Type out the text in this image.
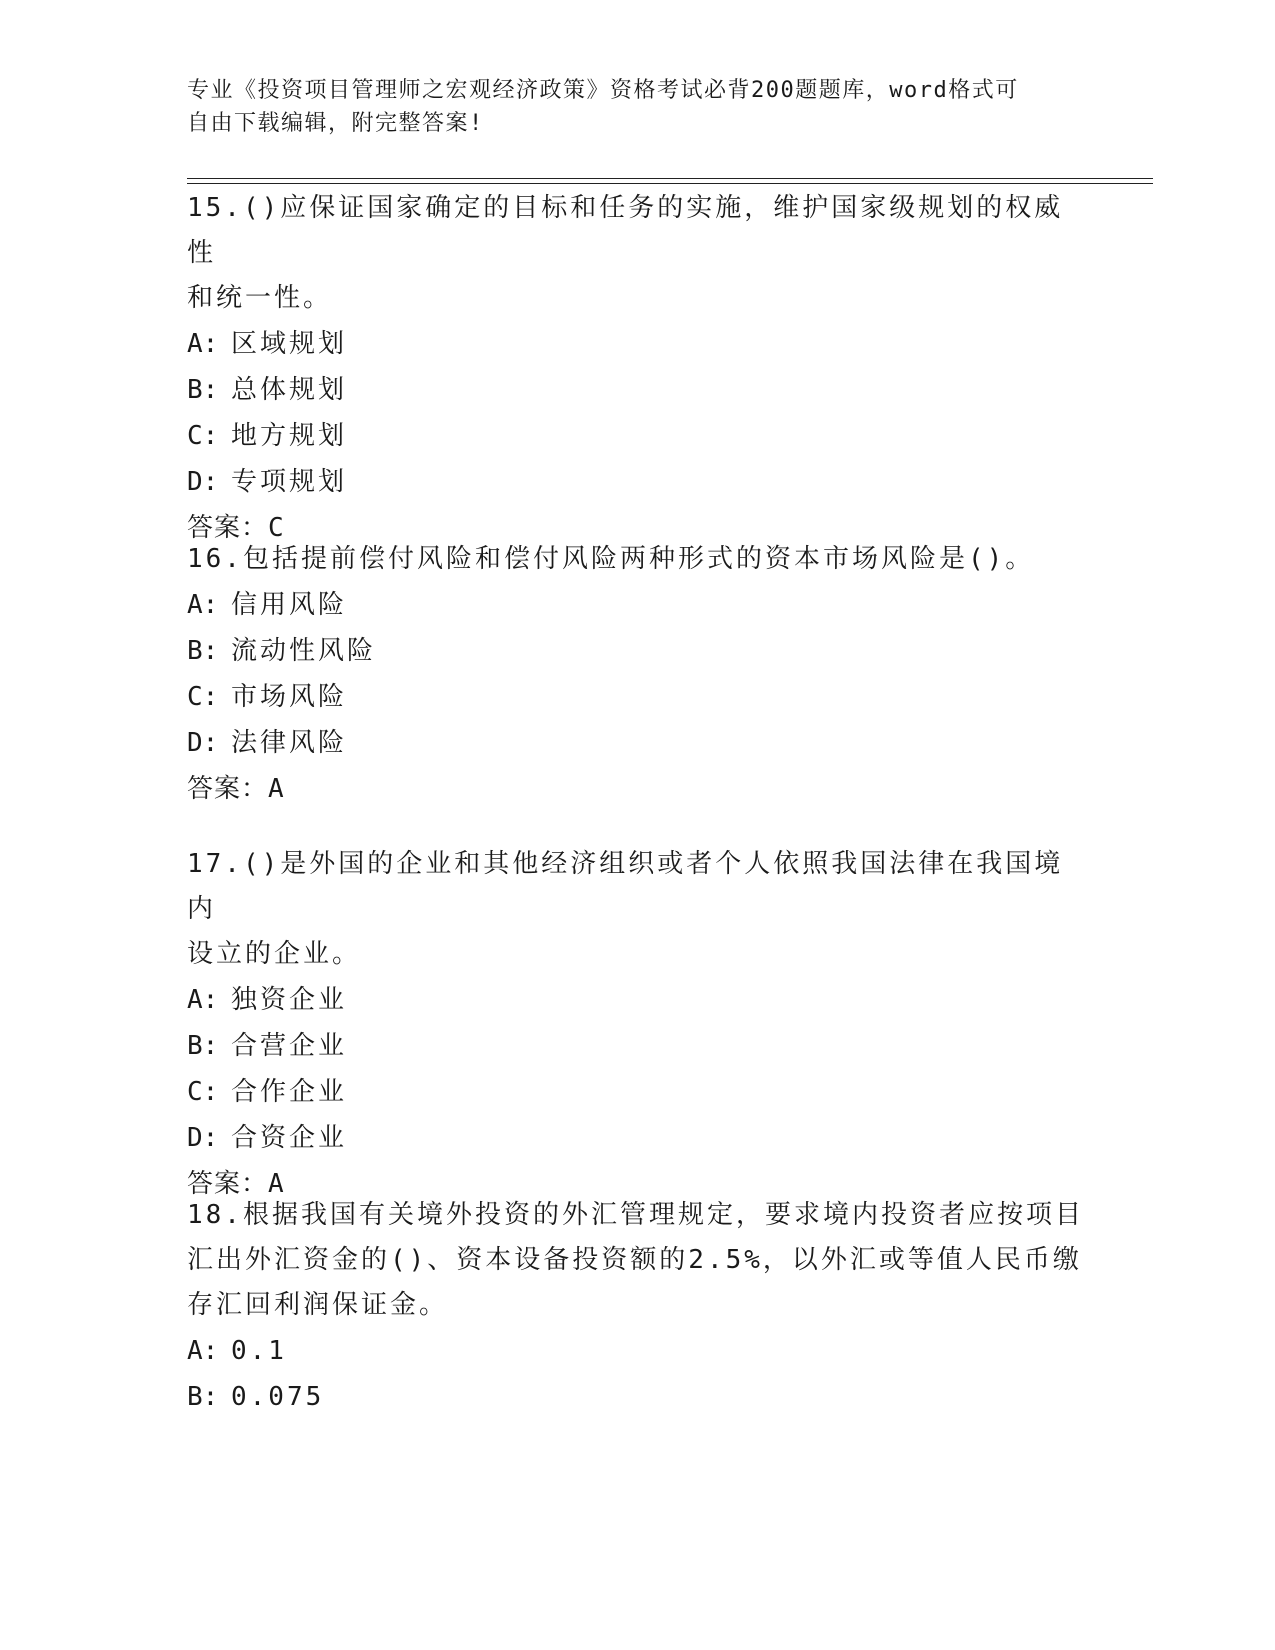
专业《投资项目管理师之宏观经济政策》资格考试必背200题题库，word格式可
自由下载编辑，附完整答案!
15.()应保证国家确定的目标和任务的实施，维护国家级规划的权威性
和统一性。
A: 区域规划
B: 总体规划
C: 地方规划
D: 专项规划
答案：C
16.包括提前偿付风险和偿付风险两种形式的资本市场风险是()。
A: 信用风险
B: 流动性风险
C: 市场风险
D: 法律风险
答案：A
17.()是外国的企业和其他经济组织或者个人依照我国法律在我国境内
设立的企业。
A: 独资企业
B: 合营企业
C: 合作企业
D: 合资企业
答案：A
18.根据我国有关境外投资的外汇管理规定，要求境内投资者应按项目
汇出外汇资金的()、资本设备投资额的2.5%，以外汇或等值人民币缴
存汇回利润保证金。
A: 0.1
B: 0.075
